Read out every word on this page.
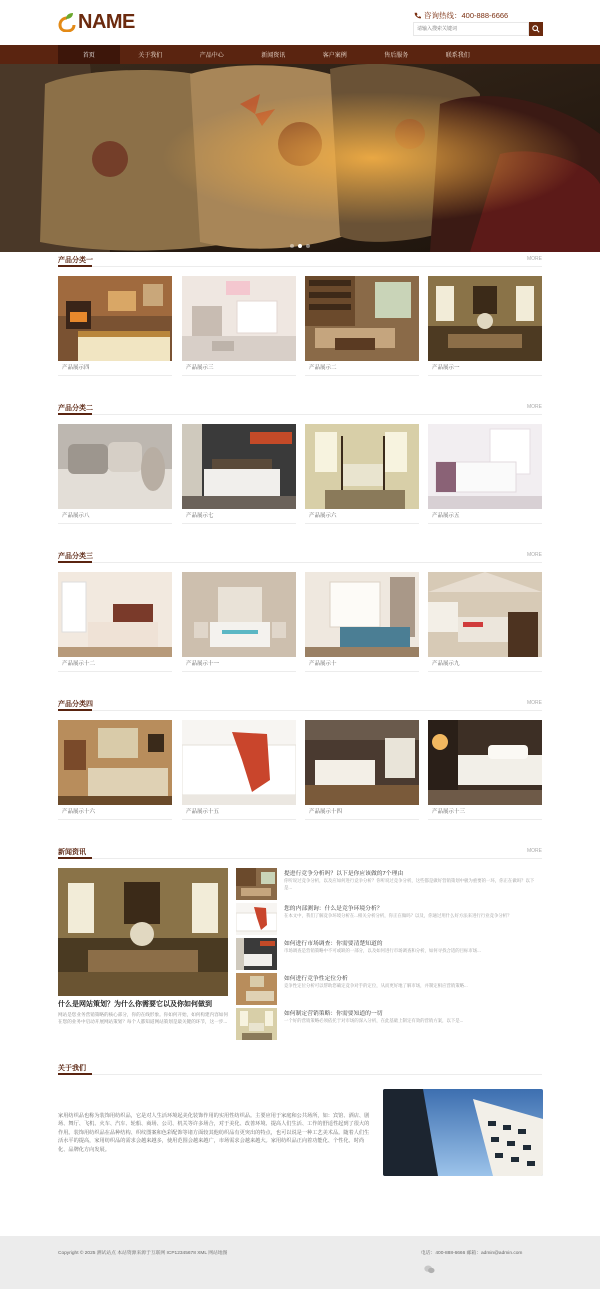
NAME	咨询热线：400-888-6666
请输入搜索关键词
首页	关于我们	产品中心	新闻资讯	客户案例	售后服务	联系我们
产品分类一	MORE
产品展示四	产品展示三	产品展示二	产品展示一
产品分类二	MORE
产品展示八	产品展示七	产品展示六	产品展示五
产品分类三	MORE
产品展示十二	产品展示十一	产品展示十	产品展示九
产品分类四	MORE
产品展示十六	产品展示十五	产品展示十四	产品展示十三
新闻资讯	MORE
什么是网站策划？为什么你需要它以及你如何做到
网站是您业务营销策略的核心部分，你的在线形象。你如何开始，如何构建内容如何在您的业务中启动开展网站策划？每个人都知道网站策划是最关键的环节，这一步...
提进行竞争分析吗？以下是你应该做的7个理由
你听说过竞争分析，以及应如何进行竞争分析？你听说过竞争分析，这些都是做好营销策划中极为重要的一环，你正在做吗？以下是...
您的内部测询：什么是竞争环境分析？
在本文中，我们了解竞争环境分析在...相关分析分析，你正在做吗？以及，你通过用什么好方法来进行行业竞争分析？
如何进行市场调查：你需要清楚知道的
市场调查是营销策略中不可或缺的一部分，以及如何进行市场调查和分析，如何寻找合适的目标市场...
如何进行竞争性定位分析
竞争性定位分析可以帮助您确定竞争对手的定位，从而更好地了解市场，并制定相应营销策略...
如何制定营销策略：你需要知道的一切
一个好的营销策略必须依托于对市场的深入分析，在此基础上制定有效的营销方案，以下是...
关于我们
家用纺织品也称为装饰用纺织品，它是对人生活环境起美化装饰作用的实用性纺织品。主要应用于家庭和公共场所，如：宾馆、酒店、剧场、舞厅、飞机、火车、汽车、轮船、商场、公司、机关等许多场合，对于美化、改善环境、提高人们生活、工作的舒适性起到了很大的作用。装饰用纺织品在品种结构、织纹图案和色彩配饰等诸方面较其他纺织品有更突出的特点，也可以说是一种工艺美术品。随着人们生活水平的提高，家用纺织品的需求会越来越多，使用范围会越来越广，市场需求会越来越大。家用纺织品正向着功能化、个性化、时尚化、品牌化方向发展。
Copyright © 2025 测试站点 本站资源来源于互联网 ICP12345678 XML 网站地图	电话：400-888-6666 邮箱：admin@admin.com
